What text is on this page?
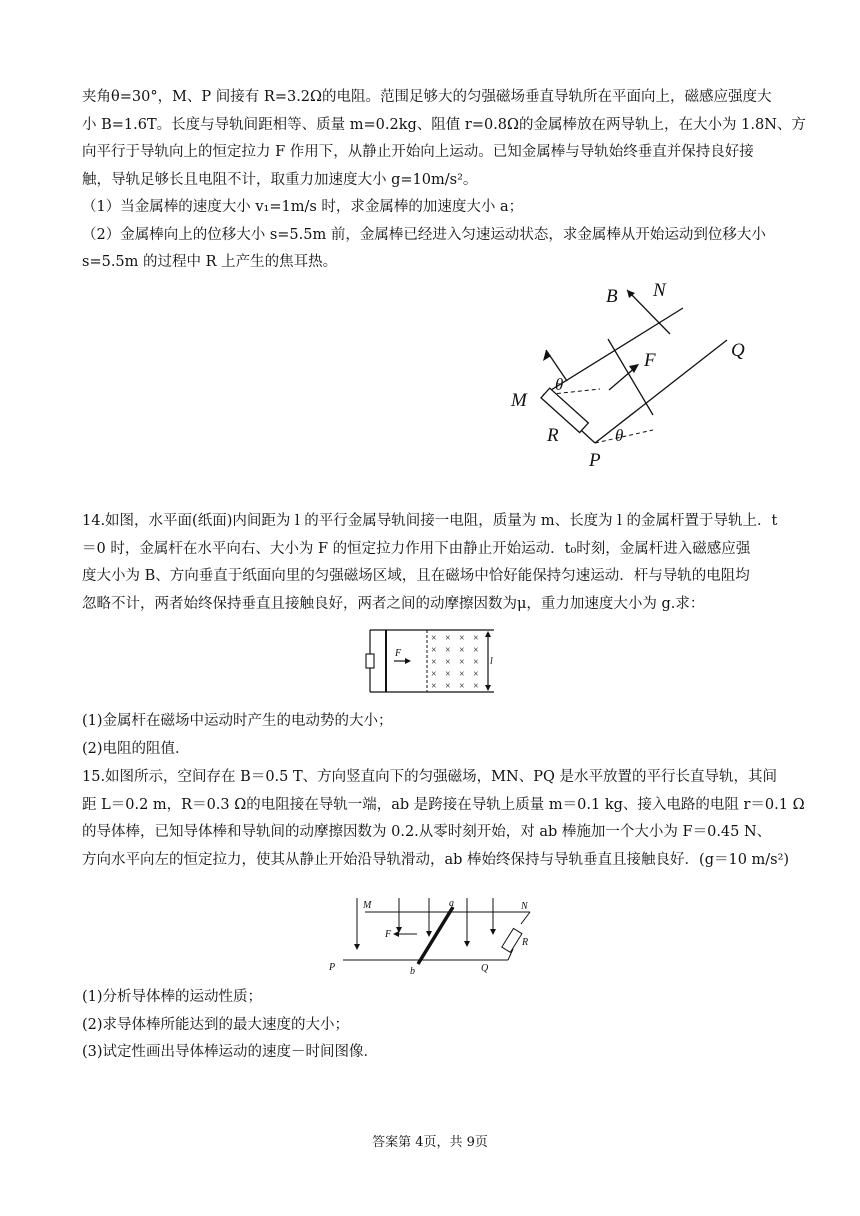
夹角θ=30°，M、P 间接有 R=3.2Ω的电阻。范围足够大的匀强磁场垂直导轨所在平面向上，磁感应强度大
小 B=1.6T。长度与导轨间距相等、质量 m=0.2kg、阻值 r=0.8Ω的金属棒放在两导轨上，在大小为 1.8N、方
向平行于导轨向上的恒定拉力 F 作用下，从静止开始向上运动。已知金属棒与导轨始终垂直并保持良好接
触，导轨足够长且电阻不计，取重力加速度大小 g=10m/s²。
（1）当金属棒的速度大小 v₁=1m/s 时，求金属棒的加速度大小 a；
（2）金属棒向上的位移大小 s=5.5m 前，金属棒已经进入匀速运动状态，求金属棒从开始运动到位移大小
s=5.5m 的过程中 R 上产生的焦耳热。
B N
F	Q
M
R
P
θ
θ
14.如图，水平面(纸面)内间距为 l 的平行金属导轨间接一电阻，质量为 m、长度为 l 的金属杆置于导轨上．t
＝0 时，金属杆在水平向右、大小为 F 的恒定拉力作用下由静止开始运动．t₀时刻，金属杆进入磁感应强
度大小为 B、方向垂直于纸面向里的匀强磁场区域，且在磁场中恰好能保持匀速运动．杆与导轨的电阻均
忽略不计，两者始终保持垂直且接触良好，两者之间的动摩擦因数为μ，重力加速度大小为 g.求：
× × × ×
× × × ×
× × × ×
× × × ×
× × × ×
F
l
(1)金属杆在磁场中运动时产生的电动势的大小；
(2)电阻的阻值．
15.如图所示，空间存在 B＝0.5 T、方向竖直向下的匀强磁场，MN、PQ 是水平放置的平行长直导轨，其间
距 L＝0.2 m，R＝0.3 Ω的电阻接在导轨一端，ab 是跨接在导轨上质量 m＝0.1 kg、接入电路的电阻 r＝0.1 Ω
的导体棒，已知导体棒和导轨间的动摩擦因数为 0.2.从零时刻开始，对 ab 棒施加一个大小为 F＝0.45 N、
方向水平向左的恒定拉力，使其从静止开始沿导轨滑动，ab 棒始终保持与导轨垂直且接触良好．(g＝10 m/s²)
M	N
a
F
R
P	b	Q
(1)分析导体棒的运动性质；
(2)求导体棒所能达到的最大速度的大小；
(3)试定性画出导体棒运动的速度－时间图像．
答案第 4页，共 9页
